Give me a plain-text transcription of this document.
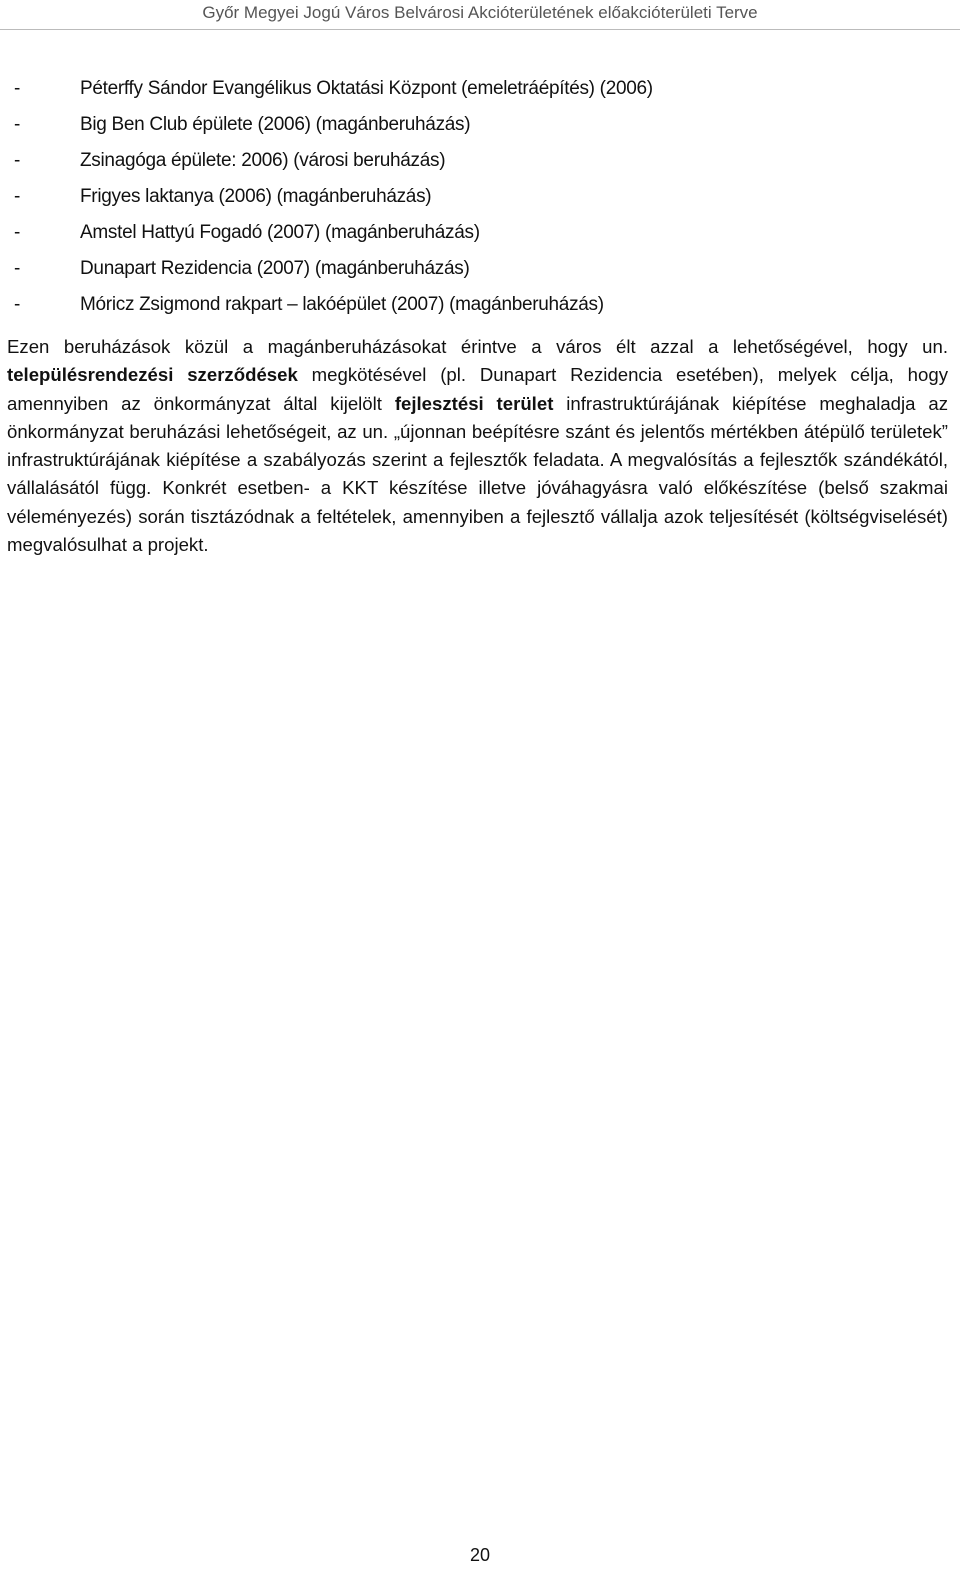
Győr Megyei Jogú Város Belvárosi Akcióterületének előakcióterületi Terve
-	Péterffy Sándor Evangélikus Oktatási Központ (emeletráépítés) (2006)
-	Big Ben Club épülete (2006) (magánberuházás)
-	Zsinagóga épülete: 2006) (városi beruházás)
-	Frigyes laktanya (2006) (magánberuházás)
-	Amstel Hattyú Fogadó (2007) (magánberuházás)
-	Dunapart Rezidencia (2007) (magánberuházás)
-	Móricz Zsigmond rakpart – lakóépület (2007) (magánberuházás)

Ezen beruházások közül a magánberuházásokat érintve a város élt azzal a lehetőségével, hogy un. településrendezési szerződések megkötésével (pl. Dunapart Rezidencia esetében), melyek célja, hogy amennyiben az önkormányzat által kijelölt fejlesztési terület infrastruktúrájának kiépítése meghaladja az önkormányzat beruházási lehetőségeit, az un. „újonnan beépítésre szánt és jelentős mértékben átépülő területek” infrastruktúrájának kiépítése a szabályozás szerint a fejlesztők feladata. A megvalósítás a fejlesztők szándékától, vállalásától függ. Konkrét esetben- a KKT készítése illetve jóváhagyásra való előkészítése (belső szakmai véleményezés) során tisztázódnak a feltételek, amennyiben a fejlesztő vállalja azok teljesítését (költségviselését) megvalósulhat a projekt.

20
